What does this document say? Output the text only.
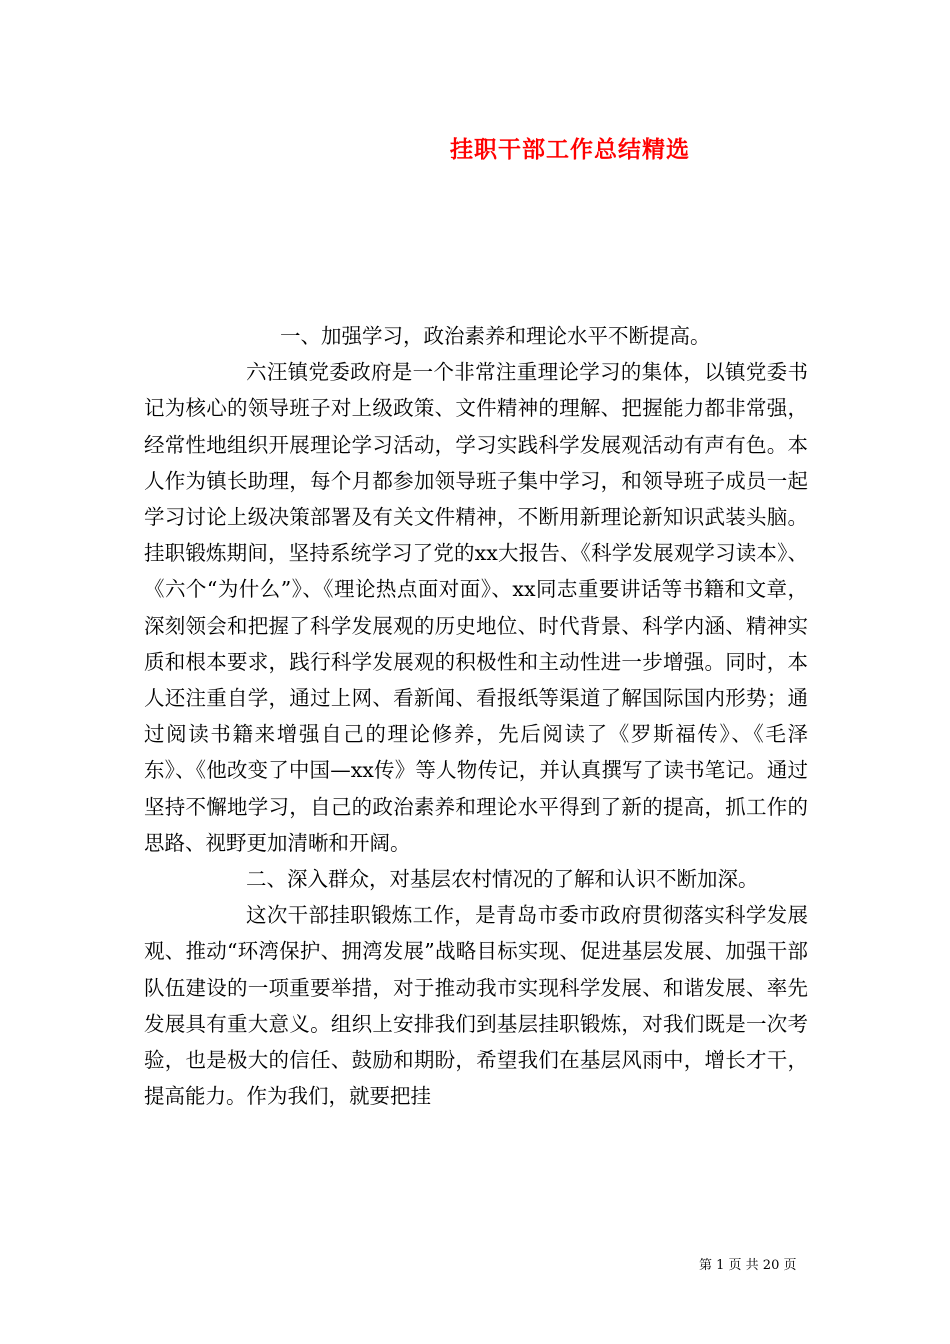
挂职干部工作总结精选

一、加强学习，政治素养和理论水平不断提高。

六汪镇党委政府是一个非常注重理论学习的集体，以镇党委书记为核心的领导班子对上级政策、文件精神的理解、把握能力都非常强，经常性地组织开展理论学习活动，学习实践科学发展观活动有声有色。本人作为镇长助理，每个月都参加领导班子集中学习，和领导班子成员一起学习讨论上级决策部署及有关文件精神，不断用新理论新知识武装头脑。挂职锻炼期间，坚持系统学习了党的xx大报告、《科学发展观学习读本》、《六个“为什么”》、《理论热点面对面》、xx同志重要讲话等书籍和文章，深刻领会和把握了科学发展观的历史地位、时代背景、科学内涵、精神实质和根本要求，践行科学发展观的积极性和主动性进一步增强。同时，本人还注重自学，通过上网、看新闻、看报纸等渠道了解国际国内形势；通过阅读书籍来增强自己的理论修养，先后阅读了《罗斯福传》、《毛泽东》、《他改变了中国—xx传》等人物传记，并认真撰写了读书笔记。通过坚持不懈地学习，自己的政治素养和理论水平得到了新的提高，抓工作的思路、视野更加清晰和开阔。

二、深入群众，对基层农村情况的了解和认识不断加深。

这次干部挂职锻炼工作，是青岛市委市政府贯彻落实科学发展观、推动“环湾保护、拥湾发展”战略目标实现、促进基层发展、加强干部队伍建设的一项重要举措，对于推动我市实现科学发展、和谐发展、率先发展具有重大意义。组织上安排我们到基层挂职锻炼，对我们既是一次考验，也是极大的信任、鼓励和期盼，希望我们在基层风雨中，增长才干，提高能力。作为我们，就要把挂

第 1 页 共 20 页
